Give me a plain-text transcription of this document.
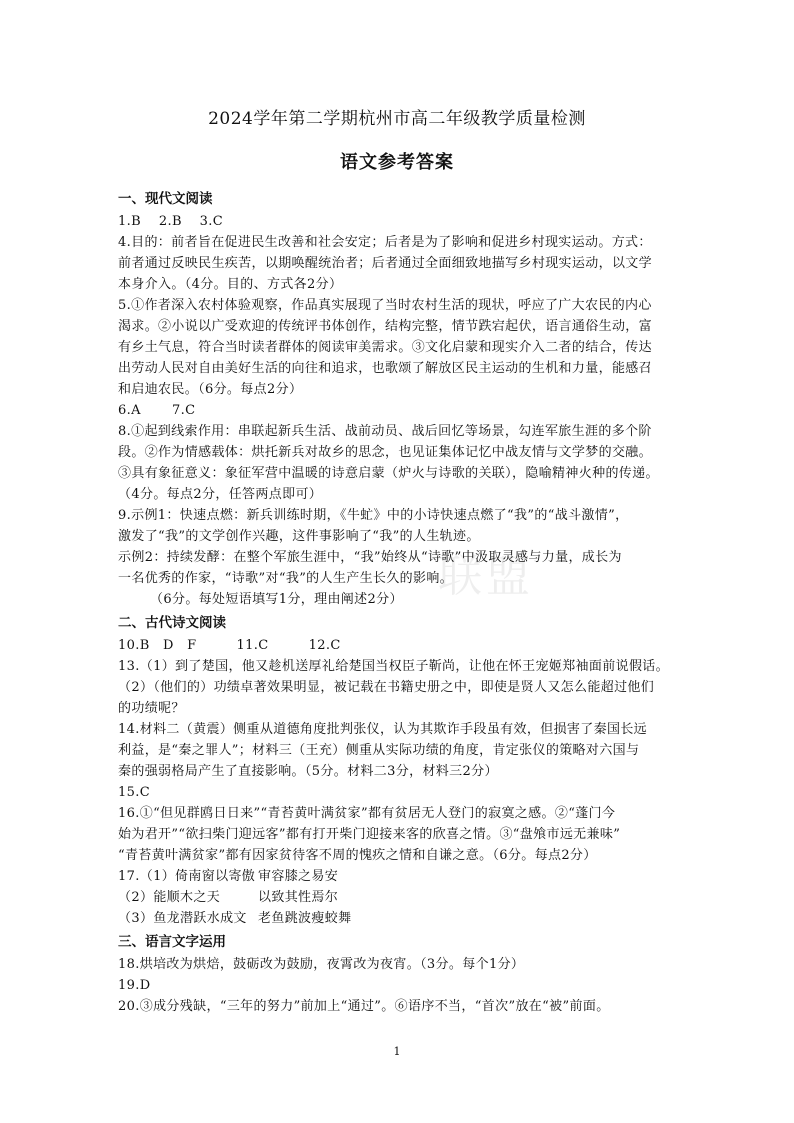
联盟
2024学年第二学期杭州市高二年级教学质量检测
语文参考答案
一、现代文阅读
1.B  2.B  3.C
4.目的：前者旨在促进民生改善和社会安定；后者是为了影响和促进乡村现实运动。方式：
前者通过反映民生疾苦，以期唤醒统治者；后者通过全面细致地描写乡村现实运动，以文学
本身介入。（4分。目的、方式各2分）
5.①作者深入农村体验观察，作品真实展现了当时农村生活的现状，呼应了广大农民的内心
渴求。②小说以广受欢迎的传统评书体创作，结构完整，情节跌宕起伏，语言通俗生动，富
有乡土气息，符合当时读者群体的阅读审美需求。③文化启蒙和现实介入二者的结合，传达
出劳动人民对自由美好生活的向往和追求，也歌颂了解放区民主运动的生机和力量，能感召
和启迪农民。（6分。每点2分）
6.A   7.C
8.①起到线索作用：串联起新兵生活、战前动员、战后回忆等场景，勾连军旅生涯的多个阶
段。②作为情感载体：烘托新兵对故乡的思念，也见证集体记忆中战友情与文学梦的交融。
③具有象征意义：象征军营中温暖的诗意启蒙（炉火与诗歌的关联），隐喻精神火种的传递。
（4分。每点2分，任答两点即可）
9.示例1：快速点燃：新兵训练时期，《牛虻》中的小诗快速点燃了“我”的“战斗激情”，
激发了“我”的文学创作兴趣，这件事影响了“我”的人生轨迹。
示例2：持续发酵：在整个军旅生涯中，“我”始终从“诗歌”中汲取灵感与力量，成长为
一名优秀的作家，“诗歌”对“我”的人生产生长久的影响。
（6分。每处短语填写1分，理由阐述2分）
二、古代诗文阅读
10.B D F   11.C   12.C
13.（1）到了楚国，他又趁机送厚礼给楚国当权臣子靳尚，让他在怀王宠姬郑袖面前说假话。
（2）（他们的）功绩卓著效果明显，被记载在书籍史册之中，即使是贤人又怎么能超过他们
的功绩呢？
14.材料二（黄震）侧重从道德角度批判张仪，认为其欺诈手段虽有效，但损害了秦国长远
利益，是“秦之罪人”；材料三（王充）侧重从实际功绩的角度，肯定张仪的策略对六国与
秦的强弱格局产生了直接影响。（5分。材料二3分，材料三2分）
15.C
16.①“但见群鸥日日来”“青苔黄叶满贫家”都有贫居无人登门的寂寞之感。②“蓬门今
始为君开”“欲扫柴门迎远客”都有打开柴门迎接来客的欣喜之情。③“盘飧市远无兼味”
“青苔黄叶满贫家”都有因家贫待客不周的愧疚之情和自谦之意。（6分。每点2分）
17.（1）倚南窗以寄傲 审容膝之易安
（2）能顺木之天	以致其性焉尔
（3）鱼龙潜跃水成文 老鱼跳波瘦蛟舞
三、语言文字运用
18.烘培改为烘焙，鼓砺改为鼓励，夜霄改为夜宵。（3分。每个1分）
19.D
20.③成分残缺，“三年的努力”前加上“通过”。⑥语序不当，“首次”放在“被”前面。
1
